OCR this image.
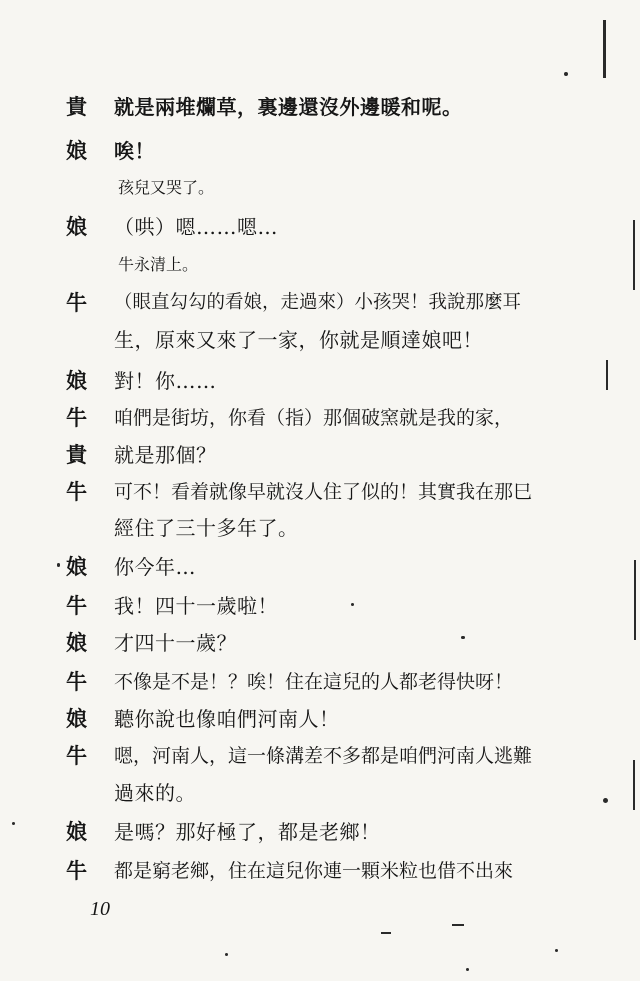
貴 就是兩堆爛草，裏邊還沒外邊暖和呢。
娘 唉！
孩兒又哭了。
娘 （哄）嗯……嗯…
牛永清上。
牛 （眼直勾勾的看娘，走過來）小孩哭！我說那麼耳
生，原來又來了一家，你就是順達娘吧！
娘 對！你……
牛 咱們是街坊，你看（指）那個破窯就是我的家，
貴 就是那個？
牛 可不！看着就像早就沒人住了似的！其實我在那巳
經住了三十多年了。
娘 你今年…
牛 我！四十一歲啦！
娘 才四十一歲？
牛 不像是不是！？唉！住在這兒的人都老得快呀！
娘 聽你說也像咱們河南人！
牛 嗯，河南人，這一條溝差不多都是咱們河南人逃難
過來的。
娘 是嗎？那好極了，都是老鄉！
牛 都是窮老鄉，住在這兒你連一顆米粒也借不出來
10
